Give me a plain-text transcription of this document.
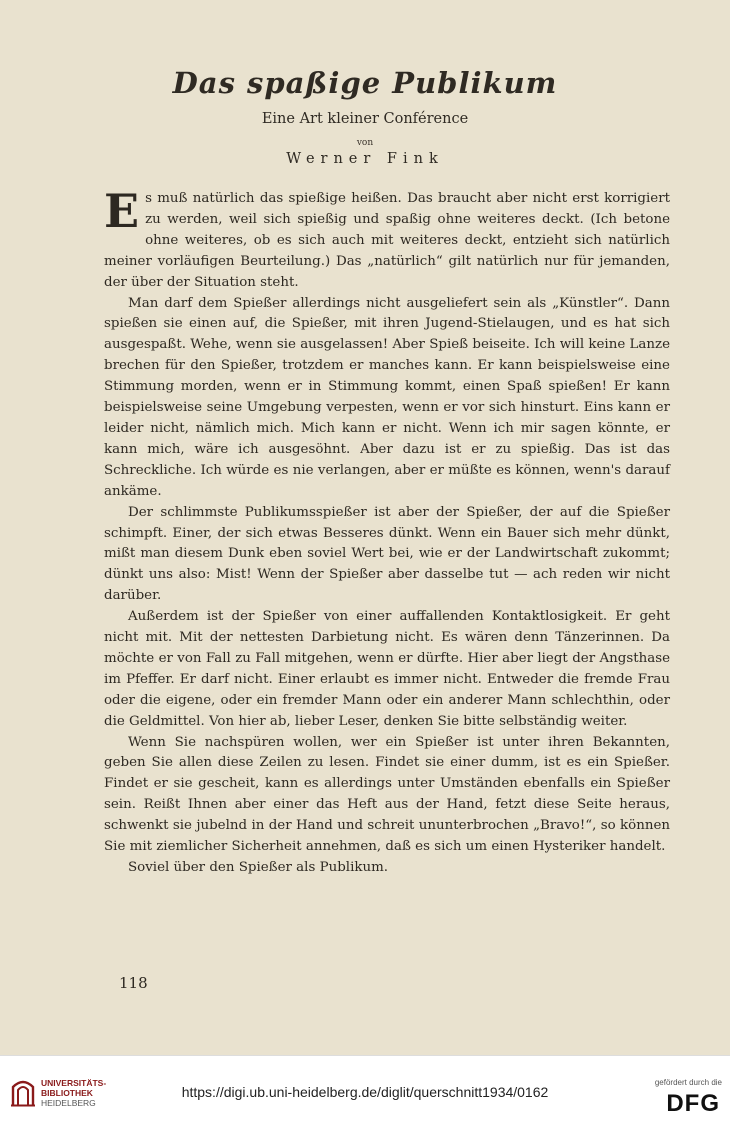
Das spaßige Publikum
Eine Art kleiner Conférence
von
Werner Fink

Es muß natürlich das spießige heißen. Das braucht aber nicht erst korrigiert zu werden, weil sich spießig und spaßig ohne weiteres deckt. (Ich betone ohne weiteres, ob es sich auch mit weiteres deckt, entzieht sich natürlich meiner vorläufigen Beurteilung.) Das „natürlich“ gilt natürlich nur für jemanden, der über der Situation steht.

Man darf dem Spießer allerdings nicht ausgeliefert sein als „Künstler“. Dann spießen sie einen auf, die Spießer, mit ihren Jugend-Stielaugen, und es hat sich ausgespaßt. Wehe, wenn sie ausgelassen! Aber Spieß beiseite. Ich will keine Lanze brechen für den Spießer, trotzdem er manches kann. Er kann beispielsweise eine Stimmung morden, wenn er in Stimmung kommt, einen Spaß spießen! Er kann beispielsweise seine Umgebung verpesten, wenn er vor sich hinsturt. Eins kann er leider nicht, nämlich mich. Mich kann er nicht. Wenn ich mir sagen könnte, er kann mich, wäre ich ausgesöhnt. Aber dazu ist er zu spießig. Das ist das Schreckliche. Ich würde es nie verlangen, aber er müßte es können, wenn's darauf ankäme.

Der schlimmste Publikumsspießer ist aber der Spießer, der auf die Spießer schimpft. Einer, der sich etwas Besseres dünkt. Wenn ein Bauer sich mehr dünkt, mißt man diesem Dunk eben soviel Wert bei, wie er der Landwirtschaft zukommt; dünkt uns also: Mist! Wenn der Spießer aber dasselbe tut — ach reden wir nicht darüber.

Außerdem ist der Spießer von einer auffallenden Kontaktlosigkeit. Er geht nicht mit. Mit der nettesten Darbietung nicht. Es wären denn Tänzerinnen. Da möchte er von Fall zu Fall mitgehen, wenn er dürfte. Hier aber liegt der Angsthase im Pfeffer. Er darf nicht. Einer erlaubt es immer nicht. Entweder die fremde Frau oder die eigene, oder ein fremder Mann oder ein anderer Mann schlechthin, oder die Geldmittel. Von hier ab, lieber Leser, denken Sie bitte selbständig weiter.

Wenn Sie nachspüren wollen, wer ein Spießer ist unter ihren Bekannten, geben Sie allen diese Zeilen zu lesen. Findet sie einer dumm, ist es ein Spießer. Findet er sie gescheit, kann es allerdings unter Umständen ebenfalls ein Spießer sein. Reißt Ihnen aber einer das Heft aus der Hand, fetzt diese Seite heraus, schwenkt sie jubelnd in der Hand und schreit ununterbrochen „Bravo!“, so können Sie mit ziemlicher Sicherheit annehmen, daß es sich um einen Hysteriker handelt.

Soviel über den Spießer als Publikum.

118
UNIVERSITÄTS-
BIBLIOTHEK
HEIDELBERG
https://digi.ub.uni-heidelberg.de/diglit/querschnitt1934/0162
gefördert durch die
DFG
